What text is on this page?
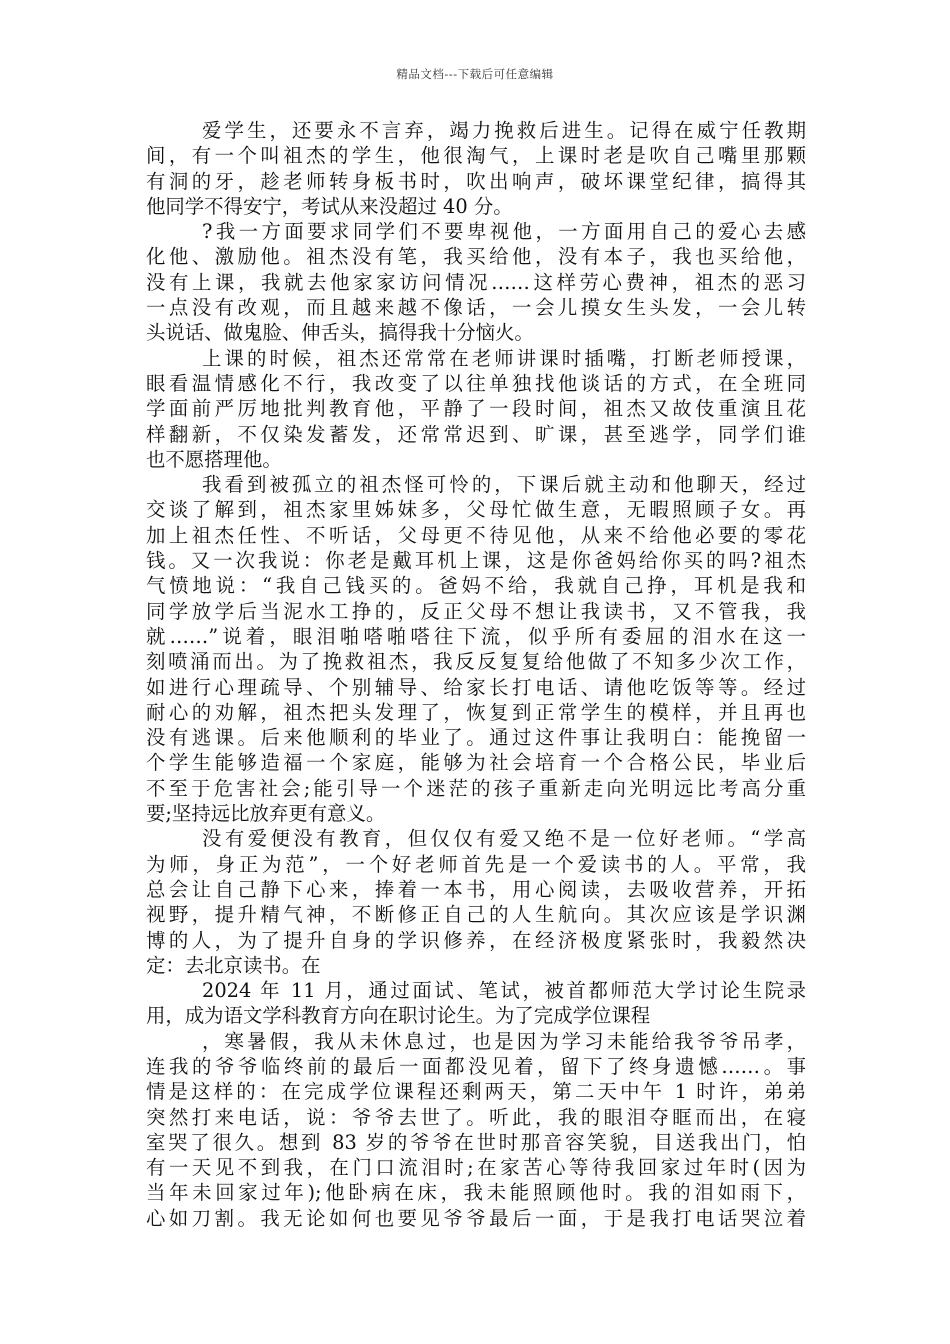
精品文档---下载后可任意编辑
爱学生，还要永不言弃，竭力挽救后进生。记得在威宁任教期
间，有一个叫祖杰的学生，他很淘气，上课时老是吹自己嘴里那颗
有洞的牙，趁老师转身板书时，吹出响声，破坏课堂纪律，搞得其
他同学不得安宁，考试从来没超过 40 分。
?我一方面要求同学们不要卑视他，一方面用自己的爱心去感
化他、激励他。祖杰没有笔，我买给他，没有本子，我也买给他，
没有上课，我就去他家家访问情况……这样劳心费神，祖杰的恶习
一点没有改观，而且越来越不像话，一会儿摸女生头发，一会儿转
头说话、做鬼脸、伸舌头，搞得我十分恼火。
上课的时候，祖杰还常常在老师讲课时插嘴，打断老师授课，
眼看温情感化不行，我改变了以往单独找他谈话的方式，在全班同
学面前严厉地批判教育他，平静了一段时间，祖杰又故伎重演且花
样翻新，不仅染发蓄发，还常常迟到、旷课，甚至逃学，同学们谁
也不愿搭理他。
我看到被孤立的祖杰怪可怜的，下课后就主动和他聊天，经过
交谈了解到，祖杰家里姊妹多，父母忙做生意，无暇照顾子女。再
加上祖杰任性、不听话，父母更不待见他，从来不给他必要的零花
钱。又一次我说：你老是戴耳机上课，这是你爸妈给你买的吗?祖杰
气愤地说：“我自己钱买的。爸妈不给，我就自己挣，耳机是我和
同学放学后当泥水工挣的，反正父母不想让我读书，又不管我，我
就……”说着，眼泪啪嗒啪嗒往下流，似乎所有委屈的泪水在这一
刻喷涌而出。为了挽救祖杰，我反反复复给他做了不知多少次工作，
如进行心理疏导、个别辅导、给家长打电话、请他吃饭等等。经过
耐心的劝解，祖杰把头发理了，恢复到正常学生的模样，并且再也
没有逃课。后来他顺利的毕业了。通过这件事让我明白：能挽留一
个学生能够造福一个家庭，能够为社会培育一个合格公民，毕业后
不至于危害社会;能引导一个迷茫的孩子重新走向光明远比考高分重
要;坚持远比放弃更有意义。
没有爱便没有教育，但仅仅有爱又绝不是一位好老师。“学高
为师，身正为范”，一个好老师首先是一个爱读书的人。平常，我
总会让自己静下心来，捧着一本书，用心阅读，去吸收营养，开拓
视野，提升精气神，不断修正自己的人生航向。其次应该是学识渊
博的人，为了提升自身的学识修养，在经济极度紧张时，我毅然决
定：去北京读书。在
2024 年 11 月，通过面试、笔试，被首都师范大学讨论生院录
用，成为语文学科教育方向在职讨论生。为了完成学位课程
，寒暑假，我从未休息过，也是因为学习未能给我爷爷吊孝，
连我的爷爷临终前的最后一面都没见着，留下了终身遗憾……。事
情是这样的：在完成学位课程还剩两天，第二天中午 1 时许，弟弟
突然打来电话，说：爷爷去世了。听此，我的眼泪夺眶而出，在寝
室哭了很久。想到 83 岁的爷爷在世时那音容笑貌，目送我出门，怕
有一天见不到我，在门口流泪时;在家苦心等待我回家过年时(因为
当年未回家过年);他卧病在床，我未能照顾他时。我的泪如雨下，
心如刀割。我无论如何也要见爷爷最后一面，于是我打电话哭泣着
